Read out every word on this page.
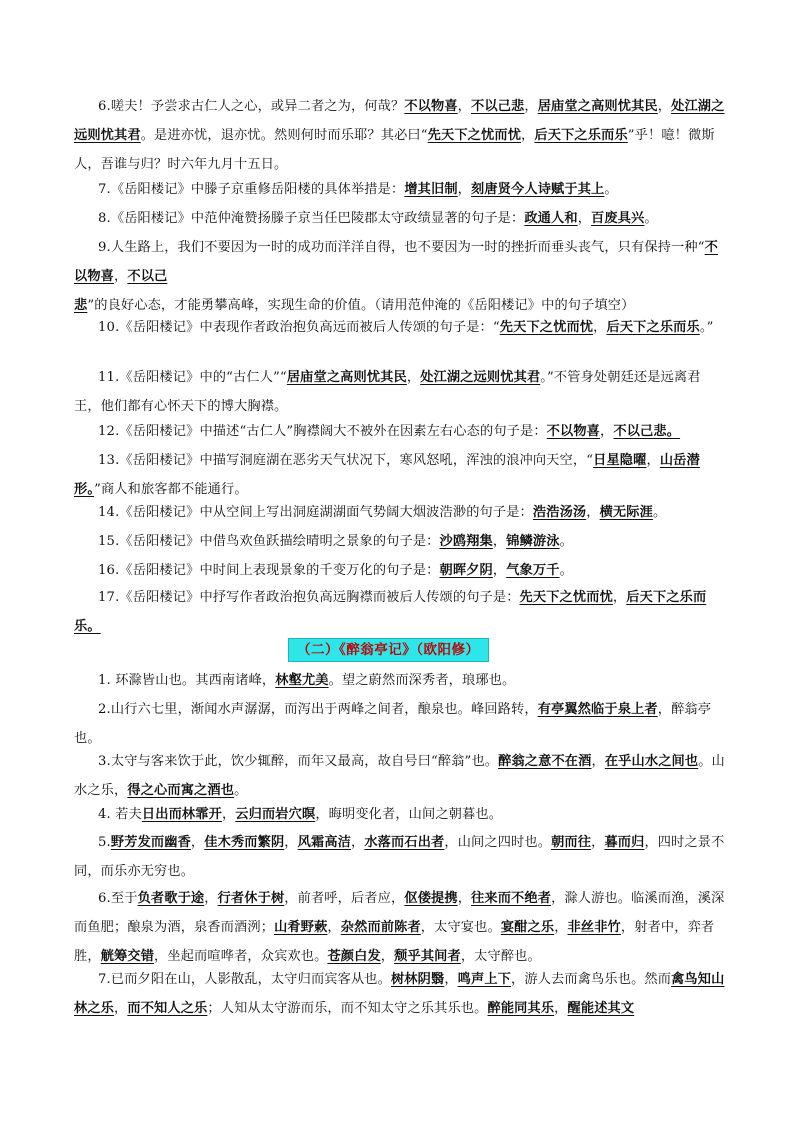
6.嗟夫！予尝求古仁人之心，或异二者之为，何哉？不以物喜，不以己悲，居庙堂之高则忧其民，处江湖之远则忧其君。是进亦忧，退亦忧。然则何时而乐耶？其必曰“先天下之忧而忧，后天下之乐而乐”乎！噫！微斯人，吾谁与归？时六年九月十五日。
7.《岳阳楼记》中滕子京重修岳阳楼的具体举措是：增其旧制，刻唐贤今人诗赋于其上。
8.《岳阳楼记》中范仲淹赞扬滕子京当任巴陵郡太守政绩显著的句子是：政通人和，百废具兴。
9.人生路上，我们不要因为一时的成功而洋洋自得，也不要因为一时的挫折而垂头丧气，只有保持一种“不以物喜，不以己悲”的良好心态，才能勇攀高峰，实现生命的价值。（请用范仲淹的《岳阳楼记》中的句子填空）
10.《岳阳楼记》中表现作者政治抱负高远而被后人传颂的句子是：“先天下之忧而忧，后天下之乐而乐。”
11.《岳阳楼记》中的“古仁人”“居庙堂之高则忧其民，处江湖之远则忧其君。”不管身处朝廷还是远离君王，他们都有心怀天下的博大胸襟。
12.《岳阳楼记》中描述“古仁人”胸襟阔大不被外在因素左右心态的句子是：不以物喜，不以己悲。
13.《岳阳楼记》中描写洞庭湖在恶劣天气状况下，寒风怒吼，浑浊的浪冲向天空，“日星隐曜，山岳潜形。”商人和旅客都不能通行。
14.《岳阳楼记》中从空间上写出洞庭湖湖面气势阔大烟波浩渺的句子是：浩浩汤汤，横无际涯。
15.《岳阳楼记》中借鸟欢鱼跃描绘晴明之景象的句子是：沙鸥翔集，锦鳞游泳。
16.《岳阳楼记》中时间上表现景象的千变万化的句子是：朝晖夕阴，气象万千。
17.《岳阳楼记》中抒写作者政治抱负高远胸襟而被后人传颂的句子是：先天下之忧而忧，后天下之乐而乐。
（二）《醉翁亭记》（欧阳修）
1. 环滁皆山也。其西南诸峰，林壑尤美。望之蔚然而深秀者，琅琊也。
2.山行六七里，渐闻水声潺潺，而泻出于两峰之间者，酿泉也。峰回路转，有亭翼然临于泉上者，醉翁亭也。
3.太守与客来饮于此，饮少辄醉，而年又最高，故自号曰“醉翁”也。醉翁之意不在酒，在乎山水之间也。山水之乐，得之心而寓之酒也。
4. 若夫日出而林霏开，云归而岩穴暝，晦明变化者，山间之朝暮也。
5.野芳发而幽香，佳木秀而繁阴，风霜高洁，水落而石出者，山间之四时也。朝而往，暮而归，四时之景不同，而乐亦无穷也。
6.至于负者歌于途，行者休于树，前者呼，后者应，伛偻提携，往来而不绝者，滁人游也。临溪而渔，溪深而鱼肥；酿泉为酒，泉香而酒洌；山肴野蔌，杂然而前陈者，太守宴也。宴酣之乐，非丝非竹，射者中，弈者胜，觥筹交错，坐起而喧哗者，众宾欢也。苍颜白发，颓乎其间者，太守醉也。
7.已而夕阳在山，人影散乱，太守归而宾客从也。树林阴翳，鸣声上下，游人去而禽鸟乐也。然而禽鸟知山林之乐，而不知人之乐；人知从太守游而乐，而不知太守之乐其乐也。醉能同其乐，醒能述其文
